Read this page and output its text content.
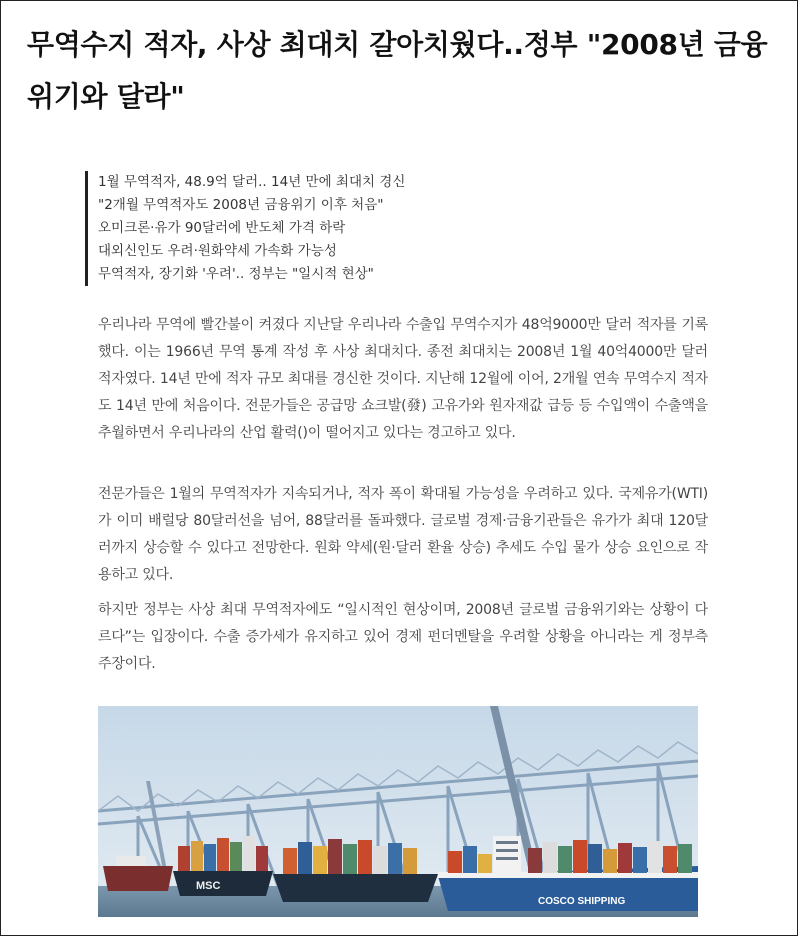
무역수지 적자, 사상 최대치 갈아치웠다..정부 "2008년 금융위기와 달라"
1월 무역적자, 48.9억 달러.. 14년 만에 최대치 경신
"2개월 무역적자도 2008년 금융위기 이후 처음"
오미크론·유가 90달러에 반도체 가격 하락
대외신인도 우려·원화약세 가속화 가능성
무역적자, 장기화 '우려'.. 정부는 "일시적 현상"

우리나라 무역에 빨간불이 켜졌다 지난달 우리나라 수출입 무역수지가 48억9000만 달러 적자를 기록했다. 이는 1966년 무역 통계 작성 후 사상 최대치다. 종전 최대치는 2008년 1월 40억4000만 달러 적자였다. 14년 만에 적자 규모 최대를 경신한 것이다. 지난해 12월에 이어, 2개월 연속 무역수지 적자도 14년 만에 처음이다. 전문가들은 공급망 쇼크발(發) 고유가와 원자재값 급등 등 수입액이 수출액을 추월하면서 우리나라의 산업 활력()이 떨어지고 있다는 경고하고 있다.

전문가들은 1월의 무역적자가 지속되거나, 적자 폭이 확대될 가능성을 우려하고 있다. 국제유가(WTI)가 이미 배럴당 80달러선을 넘어, 88달러를 돌파했다. 글로벌 경제·금융기관들은 유가가 최대 120달러까지 상승할 수 있다고 전망한다. 원화 약세(원·달러 환율 상승) 추세도 수입 물가 상승 요인으로 작용하고 있다.

하지만 정부는 사상 최대 무역적자에도 “일시적인 현상이며, 2008년 글로벌 금융위기와는 상황이 다르다”는 입장이다. 수출 증가세가 유지하고 있어 경제 펀더멘탈을 우려할 상황을 아니라는 게 정부측 주장이다.

MSC
COSCO SHIPPING
